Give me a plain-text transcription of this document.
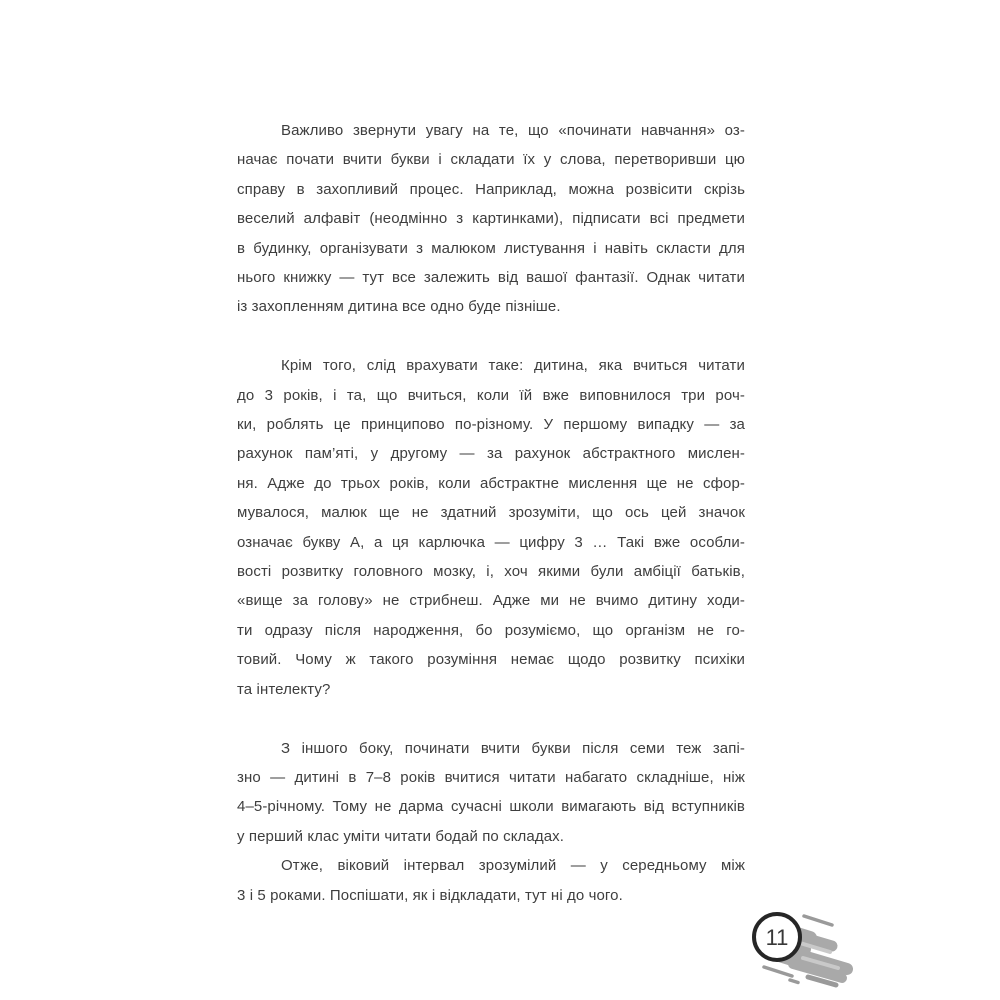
Важливо звернути увагу на те, що «починати навчання» оз-
начає почати вчити букви і складати їх у слова, перетворивши цю
справу в захопливий процес. Наприклад, можна розвісити скрізь
веселий алфавіт (неодмінно з картинками), підписати всі предмети
в будинку, організувати з малюком листування і навіть скласти для
нього книжку — тут все залежить від вашої фантазії. Однак читати
із захопленням дитина все одно буде пізніше.
Крім того, слід врахувати таке: дитина, яка вчиться читати
до 3 років, і та, що вчиться, коли їй вже виповнилося три роч-
ки, роблять це принципово по-різному. У першому випадку — за
рахунок пам’яті, у другому — за рахунок абстрактного мислен-
ня. Адже до трьох років, коли абстрактне мислення ще не сфор-
мувалося, малюк ще не здатний зрозуміти, що ось цей значок
означає букву А, а ця карлючка — цифру 3 … Такі вже особли-
вості розвитку головного мозку, і, хоч якими були амбіції батьків,
«вище за голову» не стрибнеш. Адже ми не вчимо дитину ходи-
ти одразу після народження, бо розуміємо, що організм не го-
товий. Чому ж такого розуміння немає щодо розвитку психіки
та інтелекту?
З іншого боку, починати вчити букви після семи теж запі-
зно — дитині в 7–8 років вчитися читати набагато складніше, ніж
4–5-річному. Тому не дарма сучасні школи вимагають від вступників
у перший клас уміти читати бодай по складах.
Отже, віковий інтервал зрозумілий — у середньому між
3 і 5 роками. Поспішати, як і відкладати, тут ні до чого.
11
